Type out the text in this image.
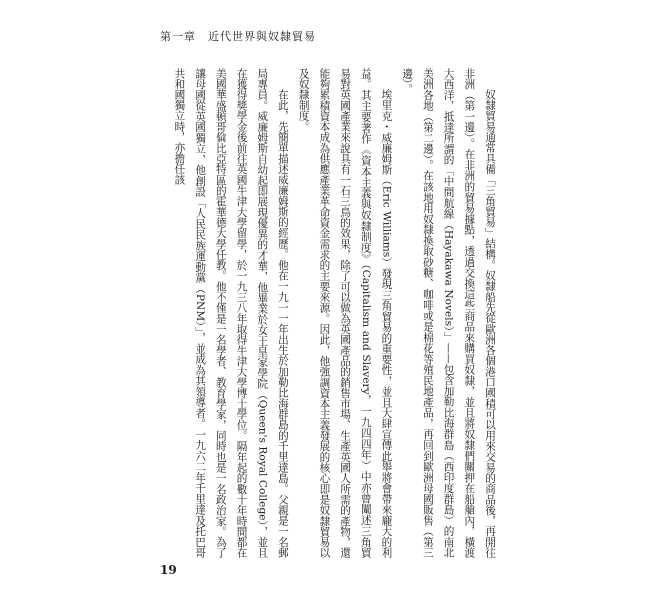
第一章 近代世界與奴隸貿易

奴隸貿易通常具備「三角貿易」結構。奴隸船先從歐洲各個港口國積可以用來交易的商品後，再開往非洲（第一邊）。在非洲的貿易據點，透過交換這些商品來購買奴隸，並且將奴隸們關押在船艙內，橫渡大西洋，抵達所謂的「中間航線（Hayakawa Novels）」——包含加勒比海群島（西印度群島）的南北美洲各地（第二邊）。在該地用奴隸換取砂糖、咖啡或是棉花等殖民地產品，再回到歐洲母國販售（第三邊）。

埃里克・威廉姆斯（Eric Williams）發現三角貿易的重要性，並且大肆宣傳此舉將會帶來龐大的利益。其主要著作《資本主義與奴隸制度》（Capitalism and Slavery，一九四四年）中亦曾闡述三角貿易對英國產業來說具有一石三鳥的效果，除了可以做為英國產品的銷售市場、生產英國人所需的產物，還能夠累積資本成為供應產業革命資金需求的主要來源。因此，他強調資本主義發展的核心即是奴隸貿易以及奴隸制度。

在此，先簡單描述威廉姆斯的經歷。他在一九一一年出生於加勒比海群島的千里達島。父親是一名郵局專員。威廉姆斯自幼起即展現優異的才華，他畢業於女王皇家學院（Queen's Royal College），並且在獲得獎學金後前往英國牛津大學留學，於一九三八年取得牛津大學博士學位。隔年起的數十年時間都在美國華盛頓哥倫比亞特區的霍華德大學任教。他不僅是一名學者、教育學家，同時也是一名政治家。為了讓母國從英國獨立，他創設「人民民族運動黨（PNM）」，並成為其領導者。一九六二年千里達及托巴哥共和國獨立時，亦擔任該

19
